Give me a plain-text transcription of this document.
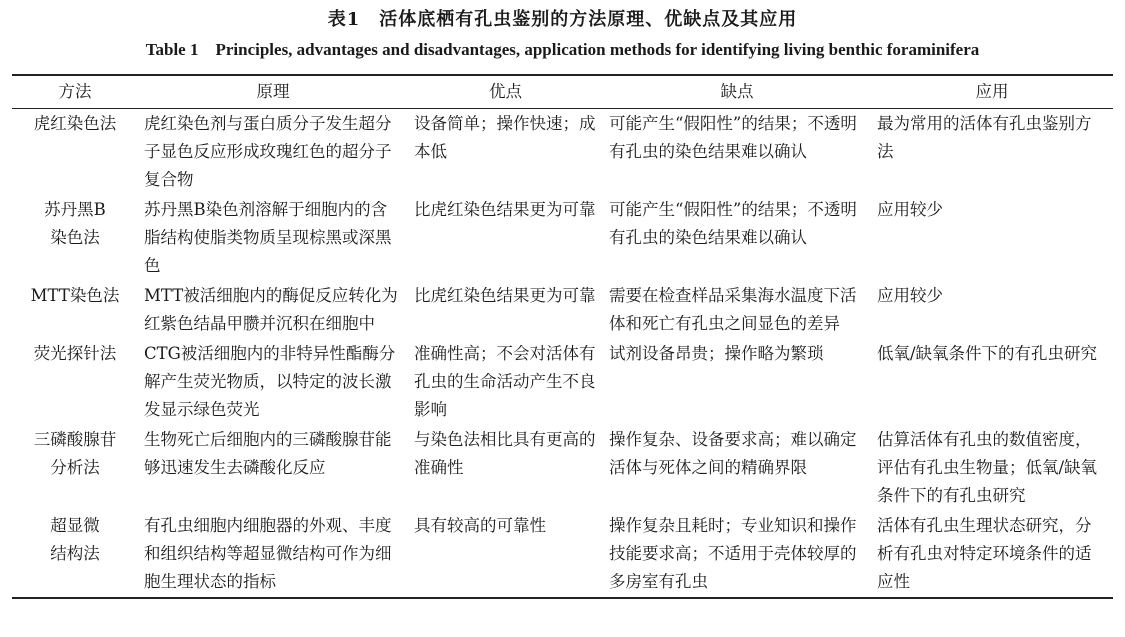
表1　活体底栖有孔虫鉴别的方法原理、优缺点及其应用
Table 1　Principles, advantages and disadvantages, application methods for identifying living benthic foraminifera
方法	原理	优点	缺点	应用

虎红染色法	虎红染色剂与蛋白质分子发生超分子显色反应形成玫瑰红色的超分子复合物	设备简单；操作快速；成本低	可能产生“假阳性”的结果；不透明有孔虫的染色结果难以确认	最为常用的活体有孔虫鉴别方法

苏丹黑B
染色法	苏丹黑B染色剂溶解于细胞内的含脂结构使脂类物质呈现棕黑或深黑色	比虎红染色结果更为可靠	可能产生“假阳性”的结果；不透明有孔虫的染色结果难以确认	应用较少

MTT染色法	MTT被活细胞内的酶促反应转化为红紫色结晶甲臜并沉积在细胞中	比虎红染色结果更为可靠	需要在检查样品采集海水温度下活体和死亡有孔虫之间显色的差异	应用较少

荧光探针法	CTG被活细胞内的非特异性酯酶分解产生荧光物质，以特定的波长激发显示绿色荧光	准确性高；不会对活体有孔虫的生命活动产生不良影响	试剂设备昂贵；操作略为繁琐	低氧/缺氧条件下的有孔虫研究

三磷酸腺苷
分析法	生物死亡后细胞内的三磷酸腺苷能够迅速发生去磷酸化反应	与染色法相比具有更高的准确性	操作复杂、设备要求高；难以确定活体与死体之间的精确界限	估算活体有孔虫的数值密度，评估有孔虫生物量；低氧/缺氧条件下的有孔虫研究

超显微
结构法	有孔虫细胞内细胞器的外观、丰度和组织结构等超显微结构可作为细胞生理状态的指标	具有较高的可靠性	操作复杂且耗时；专业知识和操作技能要求高；不适用于壳体较厚的多房室有孔虫	活体有孔虫生理状态研究，分析有孔虫对特定环境条件的适应性
